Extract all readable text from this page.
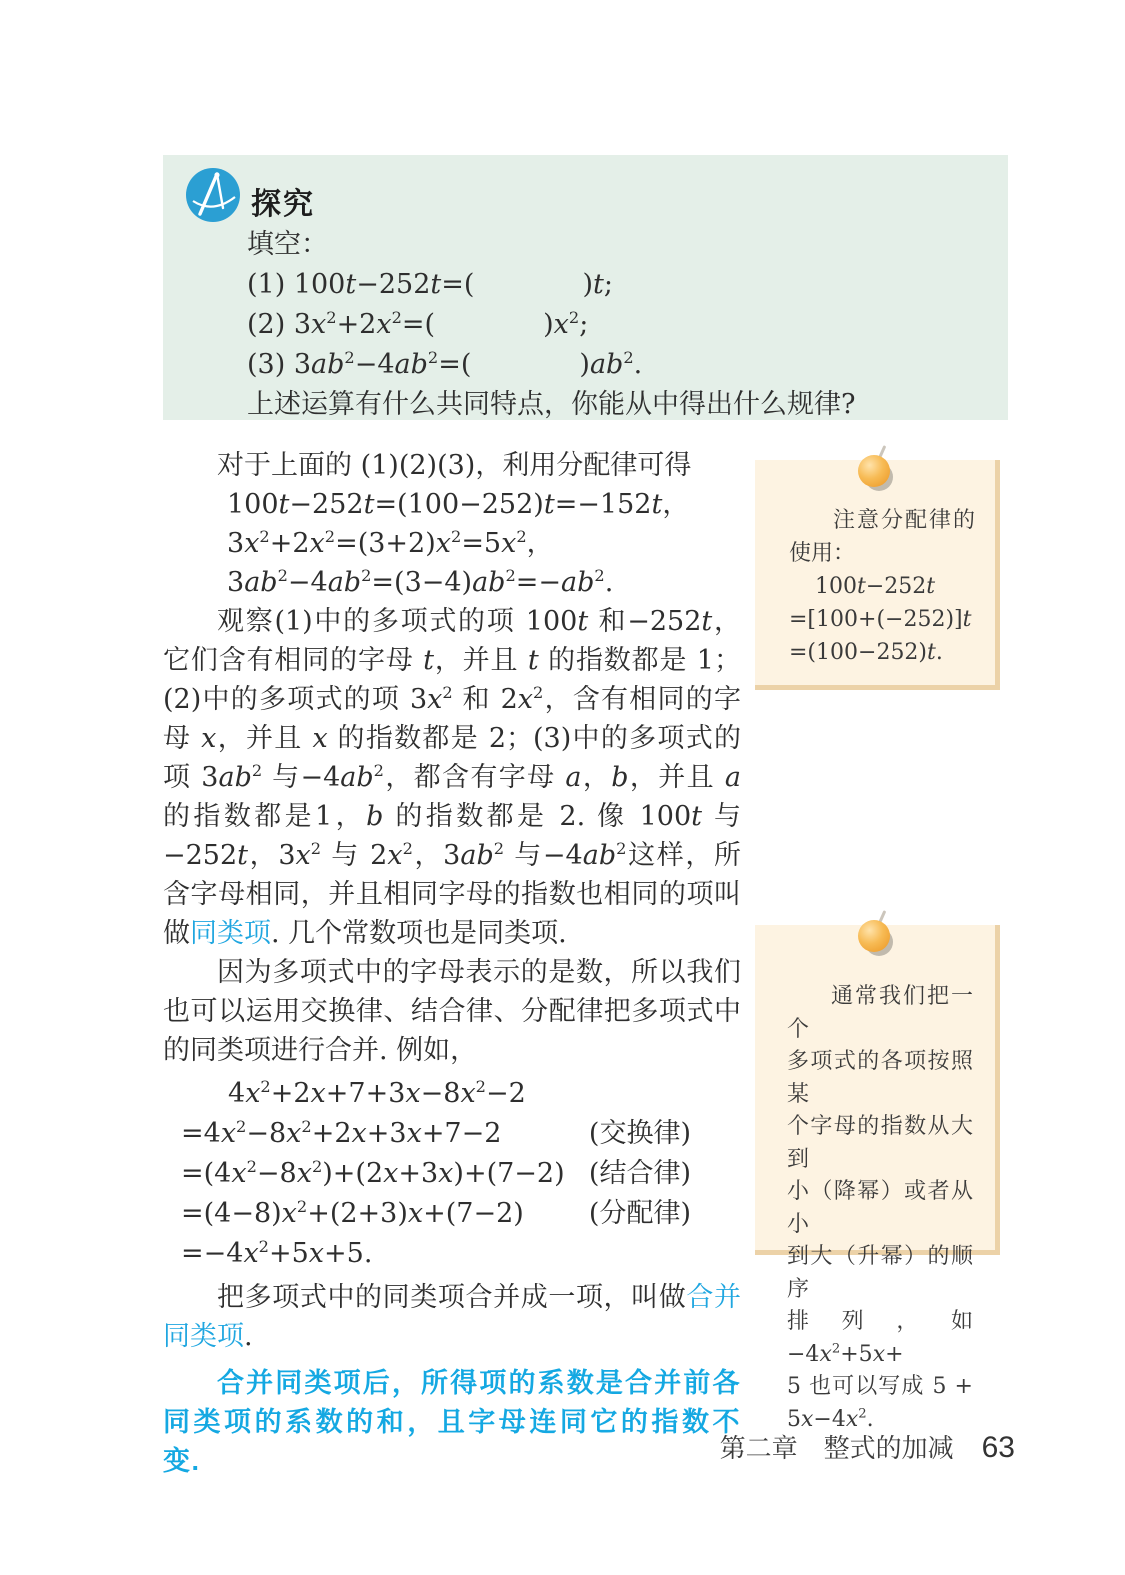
探究
填空：
(1) 100t−252t=(	)t;
(2) $3x^2+2x^2=$(	)$x^2$;
(3) $3ab^2-4ab^2=$(	)$ab^2$.
上述运算有什么共同特点，你能从中得出什么规律?

对于上面的 (1)(2)(3)，利用分配律可得

100t−252t=(100−252)t=−152t，
$3x^2+2x^2=(3+2)x^2=5x^2$，
$3ab^2-4ab^2=(3-4)ab^2=-ab^2$.

观察(1)中的多项式的项 100t 和−252t，它们含有相同的字母 t，并且 t 的指数都是 1；(2)中的多项式的项 $3x^2$ 和 $2x^2$，含有相同的字母 x，并且 x 的指数都是 2；(3)中的多项式的项 $3ab^2$ 与$-4ab^2$，都含有字母 a，b，并且 a 的指数都是1，b 的指数都是 2. 像 100t 与−252t，$3x^2$ 与 $2x^2$，$3ab^2$ 与$-4ab^2$这样，所含字母相同，并且相同字母的指数也相同的项叫做同类项. 几个常数项也是同类项.

因为多项式中的字母表示的是数，所以我们也可以运用交换律、结合律、分配律把多项式中的同类项进行合并. 例如，

$4x^2+2x+7+3x-8x^2-2$
$=4x^2-8x^2+2x+3x+7-2$	(交换律)
$=(4x^2-8x^2)+(2x+3x)+(7-2)$ (结合律)
$=(4-8)x^2+(2+3)x+(7-2)$ (分配律)
$=-4x^2+5x+5$.

把多项式中的同类项合并成一项，叫做合并同类项.

合并同类项后，所得项的系数是合并前各同类项的系数的和，且字母连同它的指数不变.

注意分配律的
使用：
100t−252t
=[100+(−252)]t
=(100−252)t.
通常我们把一个
多项式的各项按照某
个字母的指数从大到
小（降幂）或者从小
到大（升幂）的顺序
排列，如$-4x^2+5x+$
5 也可以写成 5 +
$5x-4x^2$.
第二章　整式的加减 63
